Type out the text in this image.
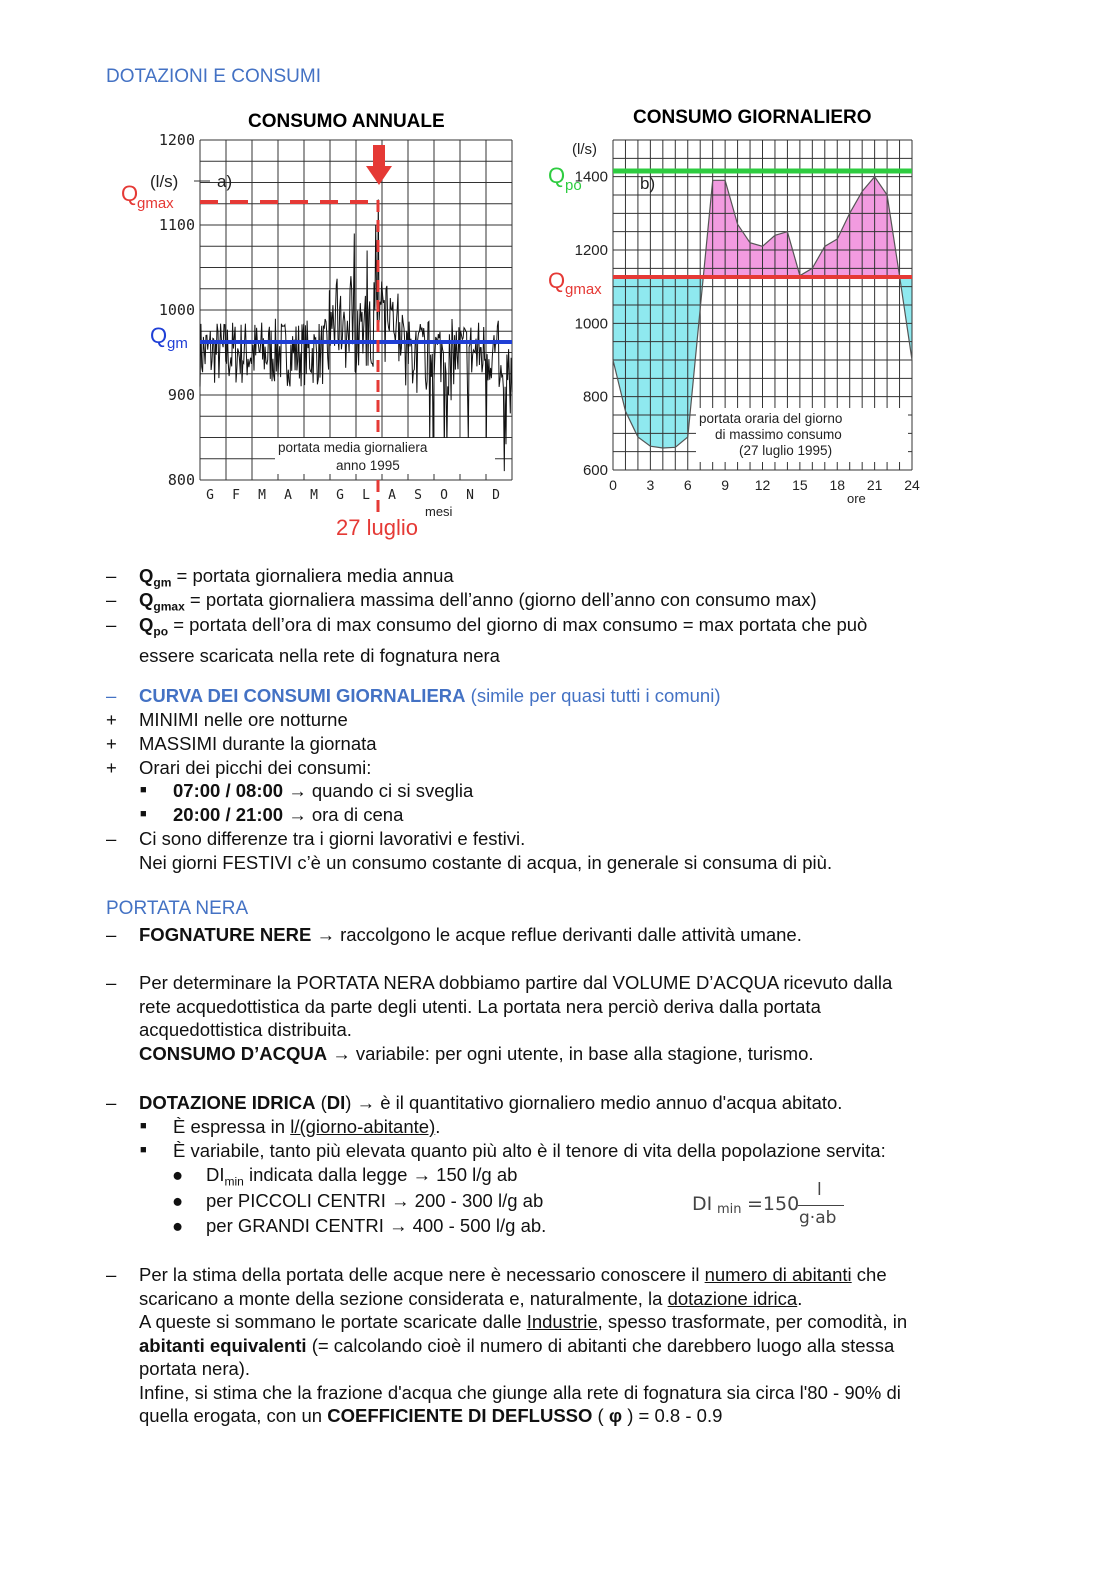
DOTAZIONI E CONSUMI
CONSUMO ANNUALE	CONSUMO GIORNALIERO
1200
1100
1000
900
800
G F M A M G L A S O N D
(l/s) a)
Q
gmax
Q gm
portata media giornaliera
anno 1995
mesi
27 luglio
1400
1200
1000
800
600
0 3 6 9 12 15 18 21 24
(l/s)
b)
Q po
Q gmax
portata oraria del giorno
di massimo consumo
(27 luglio 1995)
ore
–	$Q_{gm}$ = portata giornaliera media annua
–	$Q_{gmax}$ = portata giornaliera massima dell’anno (giorno dell’anno con consumo max)
–	$Q_{po}$ = portata dell’ora di max consumo del giorno di max consumo = max portata che può
essere scaricata nella rete di fognatura nera
–	CURVA DEI CONSUMI GIORNALIERA (simile per quasi tutti i comuni)
+	MINIMI nelle ore notturne
+	MASSIMI durante la giornata
+	Orari dei picchi dei consumi:
■	07:00 / 08:00 → quando ci si sveglia
■	20:00 / 21:00 → ora di cena
–	Ci sono differenze tra i giorni lavorativi e festivi.
Nei giorni FESTIVI c’è un consumo costante di acqua, in generale si consuma di più.
PORTATA NERA
–	FOGNATURE NERE → raccolgono le acque reflue derivanti dalle attività umane.
–	Per determinare la PORTATA NERA dobbiamo partire dal VOLUME D’ACQUA ricevuto dalla
rete acquedottistica da parte degli utenti. La portata nera perciò deriva dalla portata
acquedottistica distribuita.
CONSUMO D’ACQUA → variabile: per ogni utente, in base alla stagione, turismo.
–	DOTAZIONE IDRICA (DI) → è il quantitativo giornaliero medio annuo d'acqua abitato.
■	È espressa in l/(giorno-abitante).
■	È variabile, tanto più elevata quanto più alto è il tenore di vita della popolazione servita:
●	$DI_{min}$ indicata dalla legge → 150 l/g ab
●	per PICCOLI CENTRI → 200 - 300 l/g ab
●	per GRANDI CENTRI → 400 - 500 l/g ab.
DI min =150
l
g·ab
–	Per la stima della portata delle acque nere è necessario conoscere il numero di abitanti che
scaricano a monte della sezione considerata e, naturalmente, la dotazione idrica.
A queste si sommano le portate scaricate dalle Industrie, spesso trasformate, per comodità, in
abitanti equivalenti (= calcolando cioè il numero di abitanti che darebbero luogo alla stessa
portata nera).
Infine, si stima che la frazione d'acqua che giunge alla rete di fognatura sia circa l'80 - 90% di
quella erogata, con un COEFFICIENTE DI DEFLUSSO ( φ ) = 0.8 - 0.9
